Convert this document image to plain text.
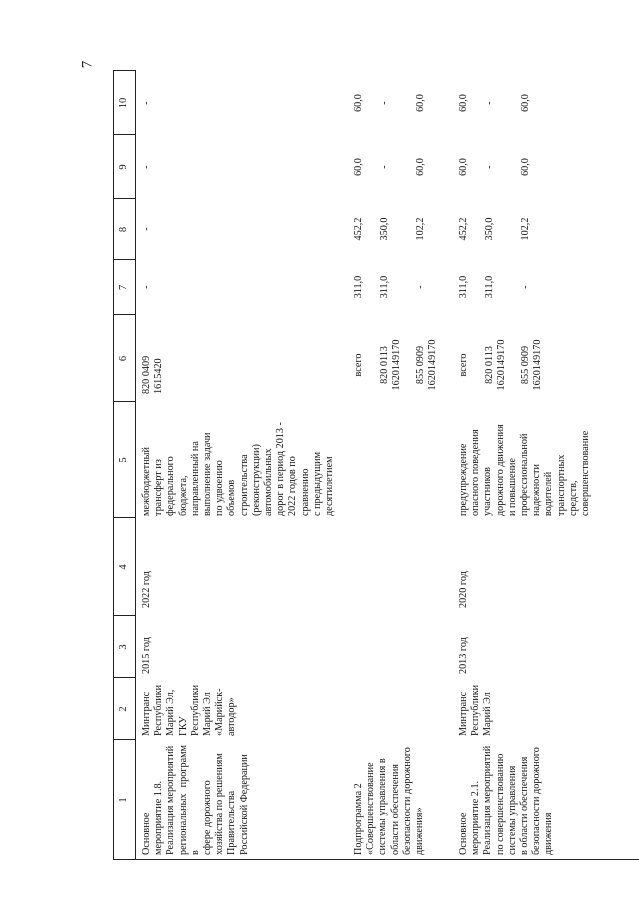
7
1
2
3
4
5
6
7
8
9
10
Основное
мероприятие 1.8.
Реализация мероприятий
региональных программ в
сфере дорожного
хозяйства по решениям
Правительства
Российской Федерации
Минтранс
Республики
Марий Эл,
ГКУ Республики
Марий Эл
«Марийск-
автодор»
2015 год
2022 год
межбюджетный
трансферт из
федерального
бюджета,
направленный на
выполнение задачи
по удвоению
объемов
строительства
(реконструкции)
автомобильных
дорог в период 2013 -
2022 годов по
сравнению
с предыдущим
десятилетием
820 0409
1615420
-
-
-
-
Подпрограмма 2
«Совершенствование
системы управления в
области обеспечения
безопасности дорожного
движения»
всего
311,0
452,2
60,0
60,0
820 0113
1620149170
311,0
350,0
-
-
855 0909
1620149170
-
102,2
60,0
60,0
Основное
мероприятие 2.1.
Реализация мероприятий
по совершенствованию
системы управления
в области обеспечения
безопасности дорожного
движения
Минтранс
Республики
Марий Эл
2013 год
2020 год
предупреждение
опасного поведения
участников
дорожного движения
и повышение
профессиональной
надежности
водителей
транспортных
средств,
совершенствование
всего
311,0
452,2
60,0
60,0
820 0113
1620149170
311,0
350,0
-
-
855 0909
1620149170
-
102,2
60,0
60,0
